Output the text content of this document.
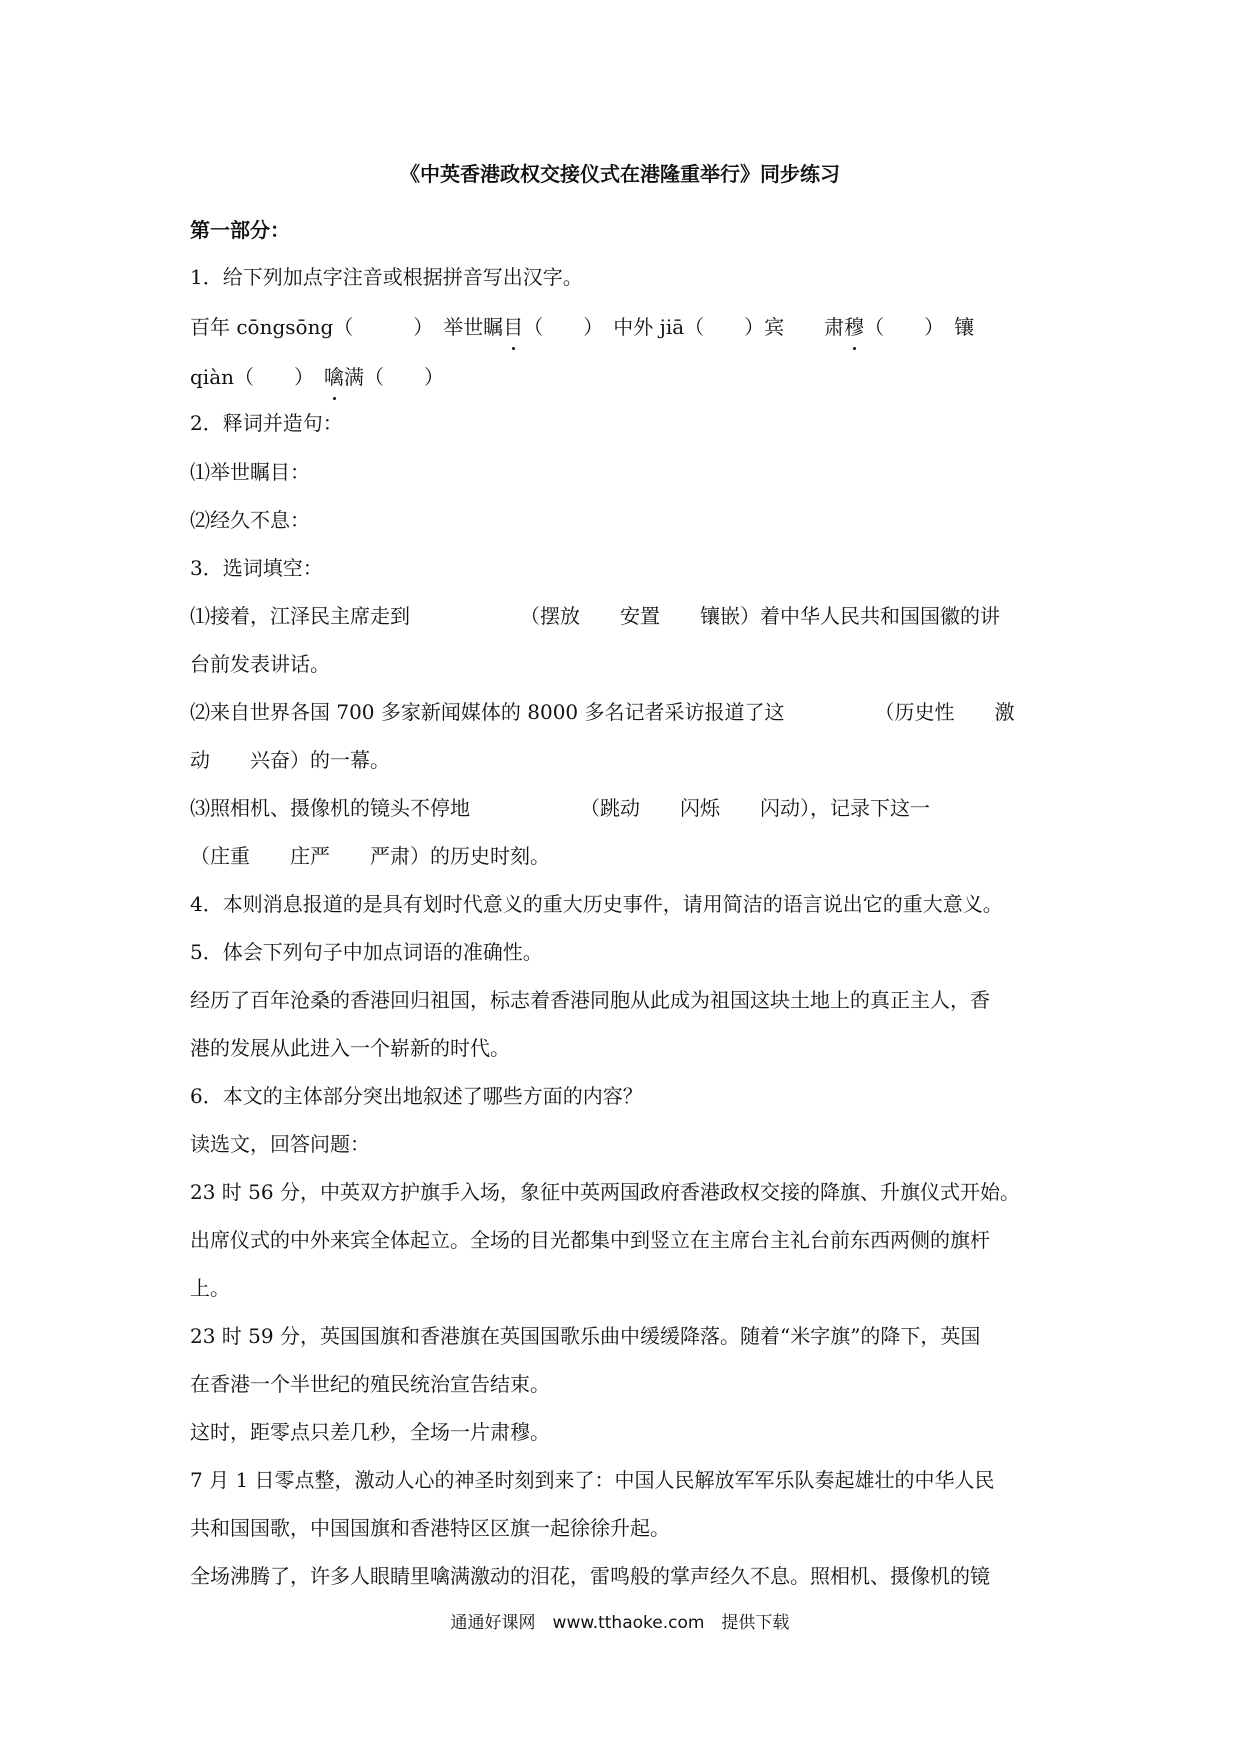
《中英香港政权交接仪式在港隆重举行》同步练习
第一部分：
1．给下列加点字注音或根据拼音写出汉字。
百年 cōngsōng（　　　）　举世瞩目（　　）　中外 jiā（　　）宾　　肃穆（　　）　镶
qiàn（　　）　噙满（　　）
2．释词并造句：
⑴举世瞩目：
⑵经久不息：
3．选词填空：
⑴接着，江泽民主席走到　　　　　　（摆放　　安置　　镶嵌）着中华人民共和国国徽的讲
台前发表讲话。
⑵来自世界各国 700 多家新闻媒体的 8000 多名记者采访报道了这　　　　　（历史性　　激
动　　兴奋）的一幕。
⑶照相机、摄像机的镜头不停地　　　　　　（跳动　　闪烁　　闪动），记录下这一
（庄重　　庄严　　严肃）的历史时刻。
4．本则消息报道的是具有划时代意义的重大历史事件，请用简洁的语言说出它的重大意义。
5．体会下列句子中加点词语的准确性。
经历了百年沧桑的香港回归祖国，标志着香港同胞从此成为祖国这块土地上的真正主人，香
港的发展从此进入一个崭新的时代。
6．本文的主体部分突出地叙述了哪些方面的内容？
读选文，回答问题：
23 时 56 分，中英双方护旗手入场，象征中英两国政府香港政权交接的降旗、升旗仪式开始。
出席仪式的中外来宾全体起立。全场的目光都集中到竖立在主席台主礼台前东西两侧的旗杆
上。
23 时 59 分，英国国旗和香港旗在英国国歌乐曲中缓缓降落。随着“米字旗”的降下，英国
在香港一个半世纪的殖民统治宣告结束。
这时，距零点只差几秒，全场一片肃穆。
7 月 1 日零点整，激动人心的神圣时刻到来了：中国人民解放军军乐队奏起雄壮的中华人民
共和国国歌，中国国旗和香港特区区旗一起徐徐升起。
全场沸腾了，许多人眼睛里噙满激动的泪花，雷鸣般的掌声经久不息。照相机、摄像机的镜
通通好课网　www.tthaoke.com　提供下载
